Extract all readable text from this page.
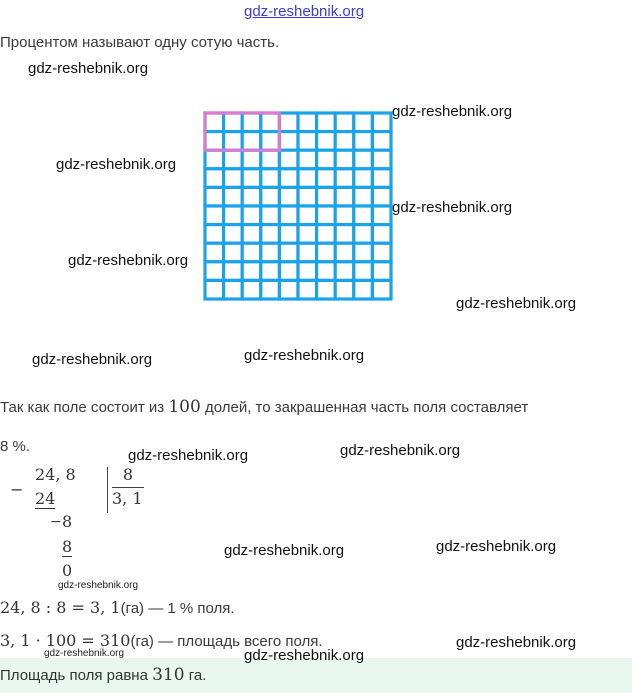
gdz-reshebnik.org
Процентом называют одну сотую часть.
gdz-reshebnik.org
gdz-reshebnik.org
gdz-reshebnik.org
gdz-reshebnik.org
gdz-reshebnik.org
gdz-reshebnik.org
gdz-reshebnik.org	gdz-reshebnik.org
Так как поле состоит из 100 долей, то закрашенная часть поля составляет
8 %.
gdz-reshebnik.org	gdz-reshebnik.org
−
24, 8
24
8
3, 1
− 8
8
0
gdz-reshebnik.org	gdz-reshebnik.org
gdz-reshebnik.org
24, 8 : 8 = 3, 1(га) — 1 % поля.
3, 1 · 100 = 310(га) — площадь всего поля.
Площадь поля равна 310 га.
gdz-reshebnik.org
gdz-reshebnik.org	gdz-reshebnik.org
